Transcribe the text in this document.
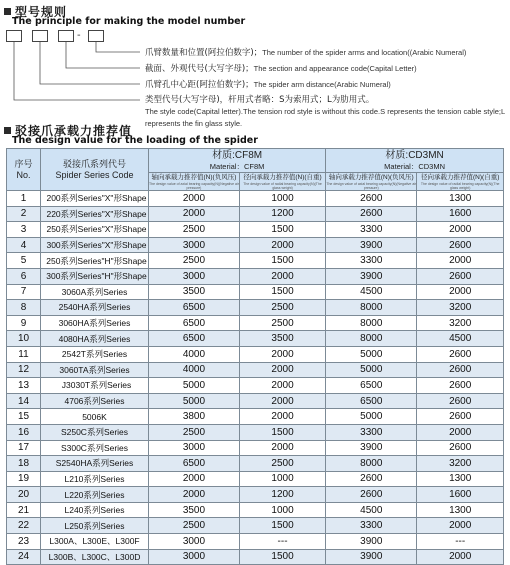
型号规则
The principle for making the model number
-
爪臂数量和位置(阿拉伯数字)；The number of the spider arms and location((Arabic Numeral)
截面、外观代号(大写字母)；The section and appearance code(Capital Letter)
爪臂孔中心距(阿拉伯数字)；The spider arm distance(Arabic Numeral)
类型代号(大写字母)，杆用式者略：S为索用式；L为肋用式。
The style code(Capital letter).The tension rod style is without this code.S represents the tension cable style;L represents the fin glass style.
驳接爪承载力推荐值
The design value for the loading of the spider
序号
No.	驳接爪系列代号
Spider Series Code	材质:CF8M
Material：CF8M		材质:CD3MN
Material：CD3MN	

		轴向承载力推荐值(N)(负风压)
The design value of axial bearing capacity(N)(Negative air pressure)	径向承载力推荐值(N)(自重)
The design value of radial bearing capacity(N)(The glass weight)	轴向承载力推荐值(N)(负风压)
The design value of axial bearing capacity(N)(Negative air pressure)	径向承载力推荐值(N)(自重)
The design value of radial bearing capacity(N)(The glass weight)

1	200系列Series"X"形Shape	2000	1000	2600	1300
2	220系列Series"X"形Shape	2000	1200	2600	1600
3	250系列Series"X"形Shape	2500	1500	3300	2000
4	300系列Series"X"形Shape	3000	2000	3900	2600
5	250系列Series"H"形Shape	2500	1500	3300	2000
6	300系列Series"H"形Shape	3000	2000	3900	2600
7	3060A系列Series	3500	1500	4500	2000
8	2540HA系列Series	6500	2500	8000	3200
9	3060HA系列Series	6500	2500	8000	3200
10	4080HA系列Series	6500	3500	8000	4500
11	2542T系列Series	4000	2000	5000	2600
12	3060TA系列Series	4000	2000	5000	2600
13	J3030T系列Series	5000	2000	6500	2600
14	4706系列Series	5000	2000	6500	2600
15	5006K	3800	2000	5000	2600
16	S250C系列Series	2500	1500	3300	2000
17	S300C系列Series	3000	2000	3900	2600
18	S2540HA系列Series	6500	2500	8000	3200
19	L210系列Series	2000	1000	2600	1300
20	L220系列Series	2000	1200	2600	1600
21	L240系列Series	3500	1000	4500	1300
22	L250系列Series	2500	1500	3300	2000
23	L300A、L300E、L300F	3000	---	3900	---
24	L300B、L300C、L300D	3000	1500	3900	2000
